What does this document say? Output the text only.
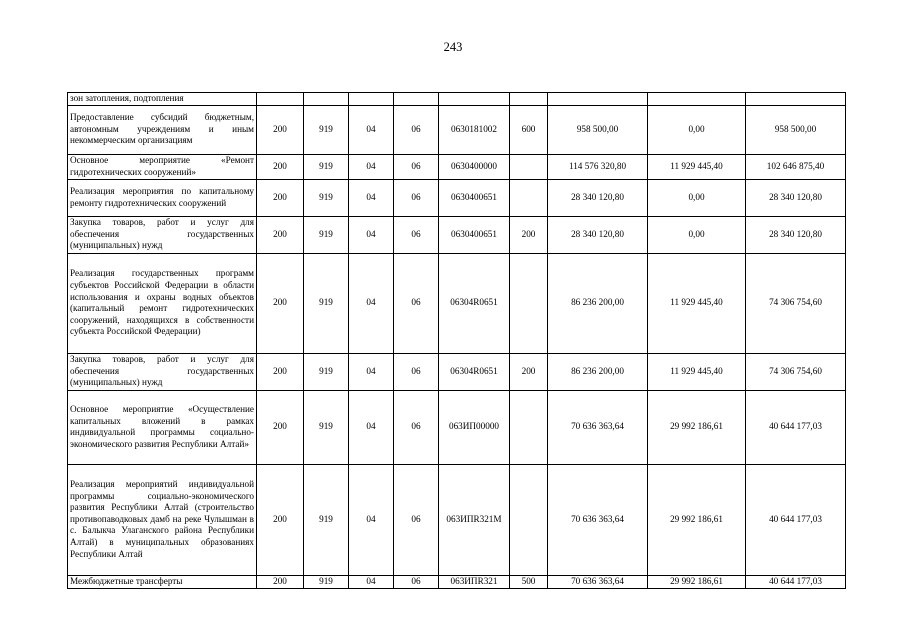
243
зон затопления, подтопления									
Предоставление субсидий бюджетным, автономным учреждениям и иным некоммерческим организациям	200	919	04	06	0630181002	600	958 500,00	0,00	958 500,00
Основное мероприятие «Ремонт гидротехнических сооружений»	200	919	04	06	0630400000		114 576 320,80	11 929 445,40	102 646 875,40
Реализация мероприятия по капитальному ремонту гидротехнических сооружений	200	919	04	06	0630400651		28 340 120,80	0,00	28 340 120,80
Закупка товаров, работ и услуг для обеспечения государственных (муниципальных) нужд	200	919	04	06	0630400651	200	28 340 120,80	0,00	28 340 120,80
Реализация государственных программ субъектов Российской Федерации в области использования и охраны водных объектов (капитальный ремонт гидротехнических сооружений, находящихся в собственности субъекта Российской Федерации)	200	919	04	06	06304R0651		86 236 200,00	11 929 445,40	74 306 754,60
Закупка товаров, работ и услуг для обеспечения государственных (муниципальных) нужд	200	919	04	06	06304R0651	200	86 236 200,00	11 929 445,40	74 306 754,60
Основное мероприятие «Осуществление капитальных вложений в рамках индивидуальной программы социально-экономического развития Республики Алтай»	200	919	04	06	063ИП00000		70 636 363,64	29 992 186,61	40 644 177,03
Реализация мероприятий индивидуальной программы социально-экономического развития Республики Алтай (строительство противопаводковых дамб на реке Чулышман в с. Балыкча Улаганского района Республики Алтай) в муниципальных образованиях Республики Алтай	200	919	04	06	063ИПR321М		70 636 363,64	29 992 186,61	40 644 177,03
Межбюджетные трансферты	200	919	04	06	063ИПR321	500	70 636 363,64	29 992 186,61	40 644 177,03
